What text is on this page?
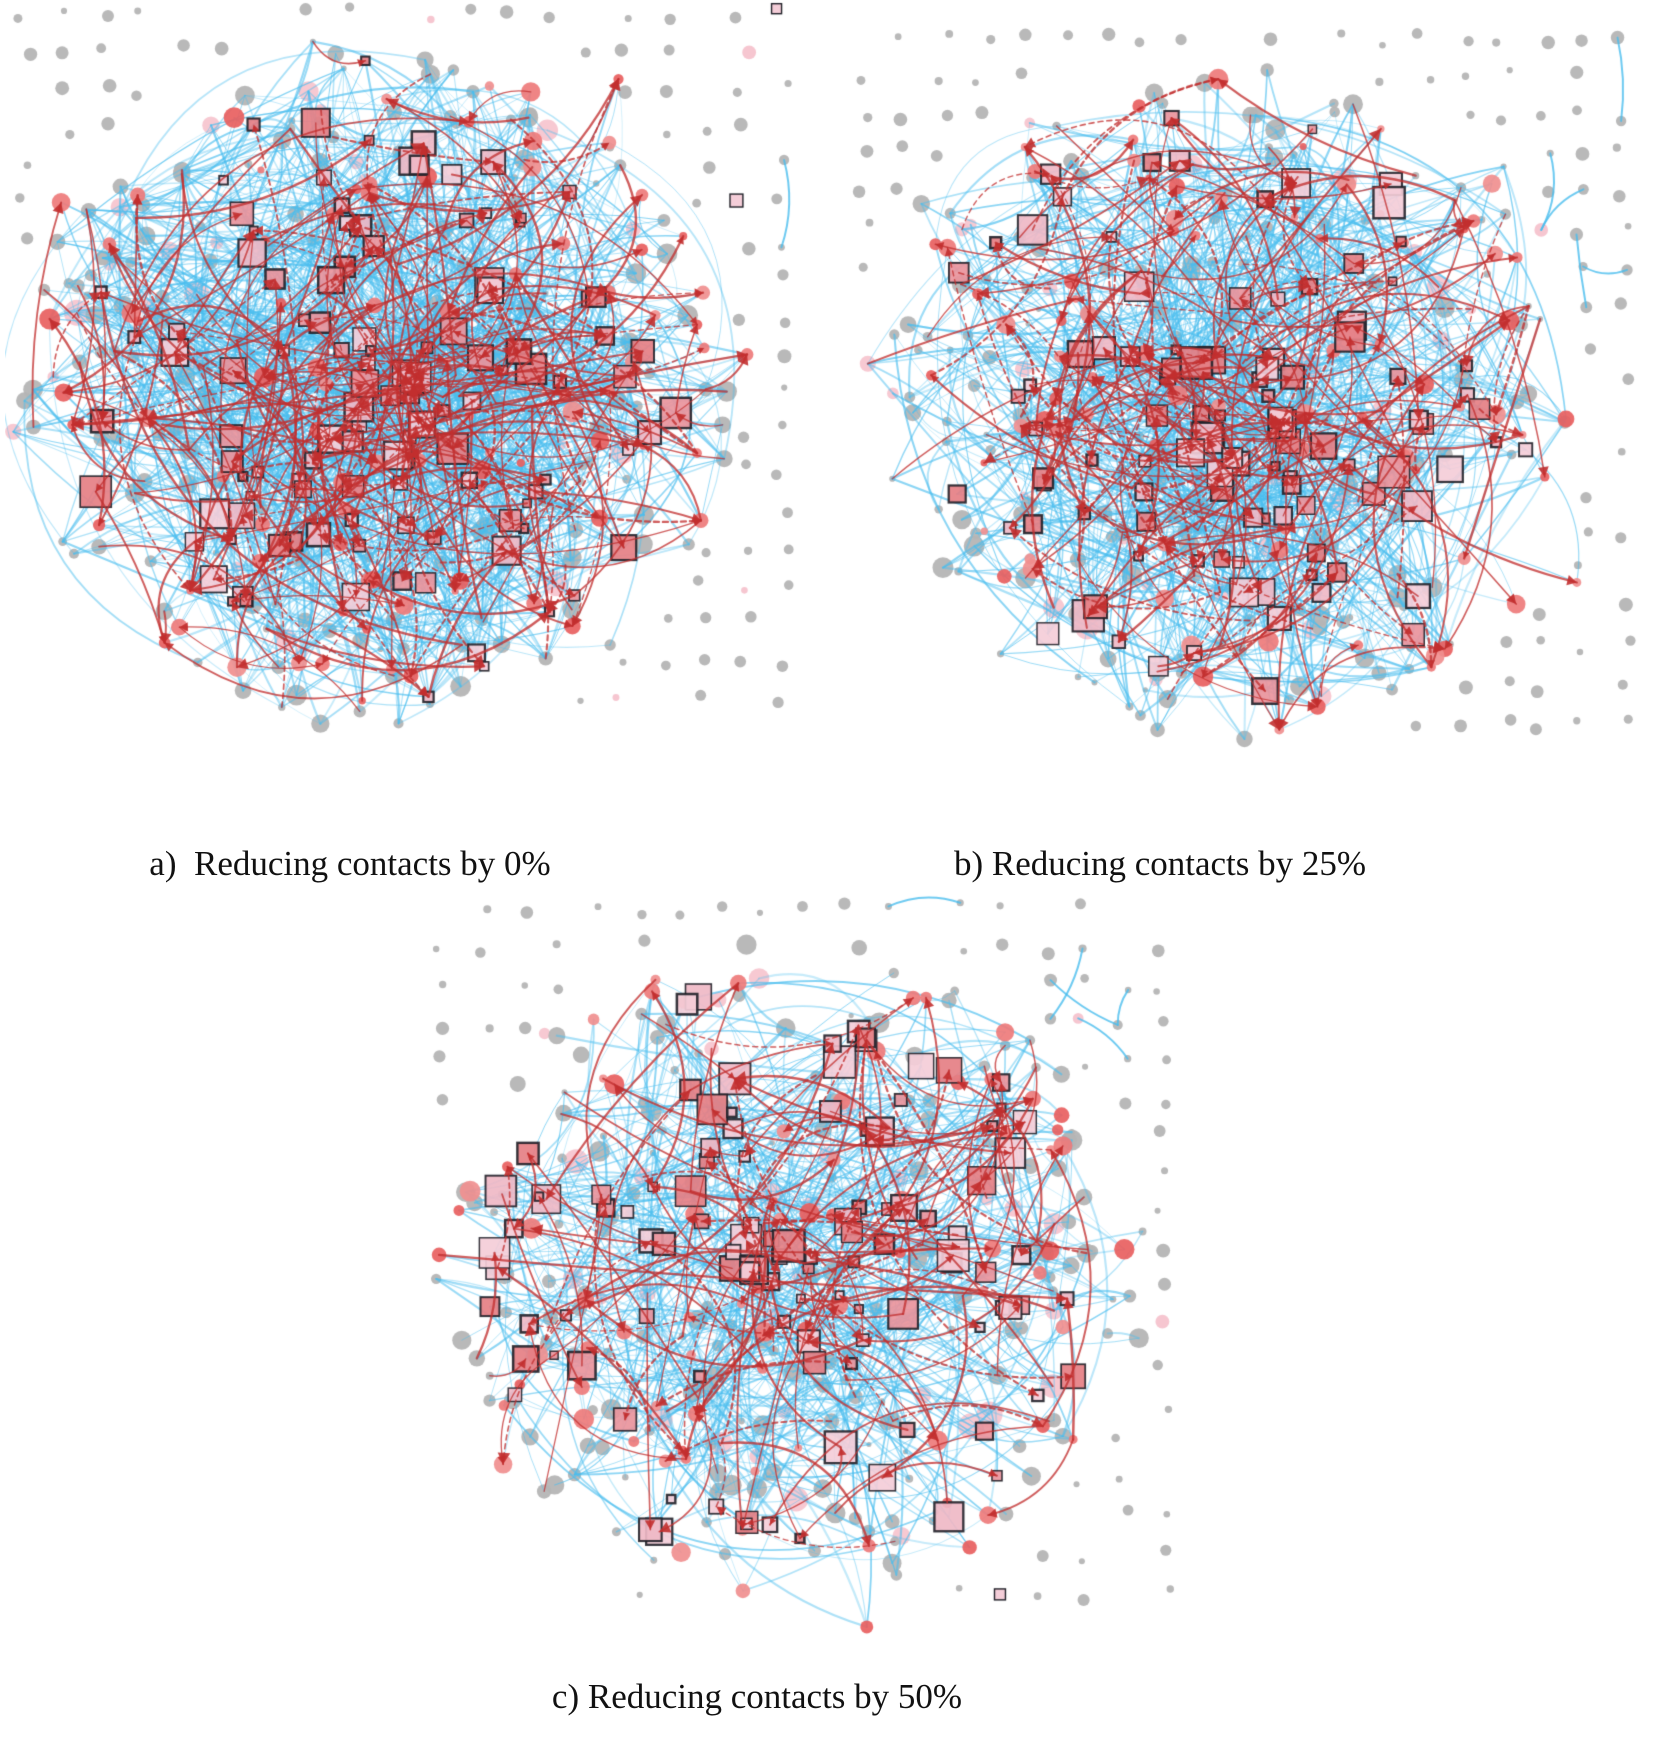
a)  Reducing contacts by 0%	b) Reducing contacts by 25%
c) Reducing contacts by 50%
